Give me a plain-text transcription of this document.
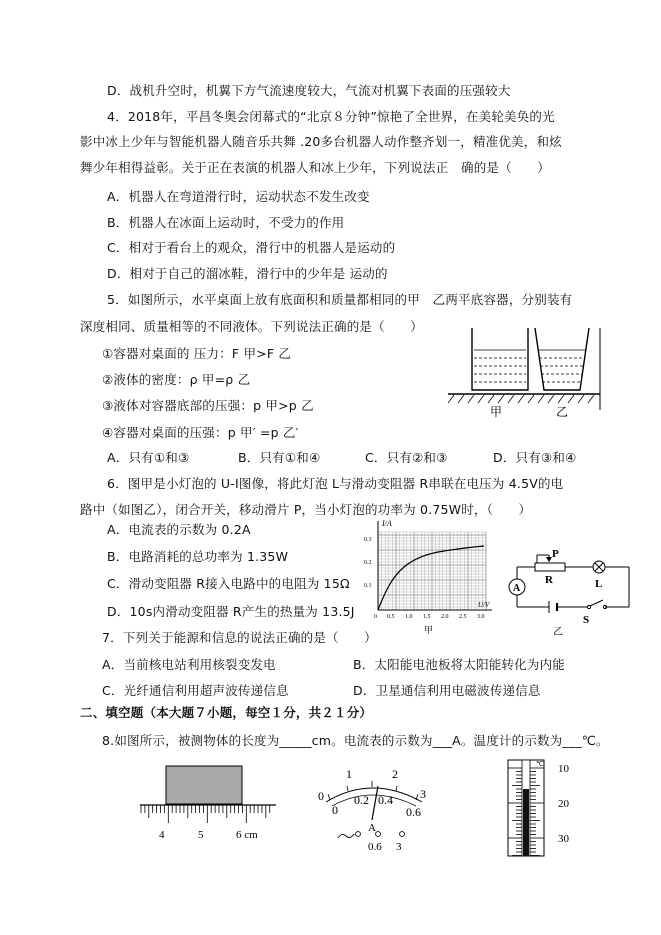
D．战机升空时，机翼下方气流速度较大，气流对机翼下表面的压强较大
4．2018年，平昌冬奥会闭幕式的“北京８分钟”惊艳了全世界，在美轮美奂的光
影中冰上少年与智能机器人随音乐共舞 .20多台机器人动作整齐划一，精准优美，和炫
舞少年相得益彰。关于正在表演的机器人和冰上少年，下列说法正　确的是（　　）
A．机器人在弯道滑行时，运动状态不发生改变
B．机器人在冰面上运动时，不受力的作用
C．相对于看台上的观众，滑行中的机器人是运动的
D．相对于自己的溜冰鞋，滑行中的少年是 运动的
5．如图所示，水平桌面上放有底面积和质量都相同的甲　乙两平底容器，分别装有
深度相同、质量相等的不同液体。下列说法正确的是（　　）
①容器对桌面的 压力：F 甲>F 乙
②液体的密度：ρ 甲=ρ 乙
③液体对容器底部的压强：p 甲>p 乙
④容器对桌面的压强：p 甲′ =p 乙′
A．只有①和③	B．只有①和④	C．只有②和③	D．只有③和④
甲	乙
6．图甲是小灯泡的 U-I图像，将此灯泡 L与滑动变阻器 R串联在电压为 4.5V的电
路中（如图乙），闭合开关，移动滑片 P，当小灯泡的功率为 0.75W时，（　　）
A．电流表的示数为 0.2A
B．电路消耗的总功率为 1.35W
C．滑动变阻器 R接入电路中的电阻为 15Ω
D．10s内滑动变阻器 R产生的热量为 13.5J
I/A
U/V
0.3
0.2
0.1
0 0.5 1.0 1.5 2.0 2.5 3.0
甲
P
R	L
A
S
乙
7．下列关于能源和信息的说法正确的是（　　）
A．当前核电站利用核裂变发电	B．太阳能电池板将太阳能转化为内能
C．光纤通信利用超声波传递信息	D．卫星通信利用电磁波传递信息
二、填空题（本大题７小题，每空１分，共２１分）
8.如图所示，被测物体的长度为_____cm。电流表的示数为___A。温度计的示数为___℃。
4	5	6 cm
0
1	2
3
0
0.2 0.4
0.6
A
0.6 3
℃ 10
20
30
